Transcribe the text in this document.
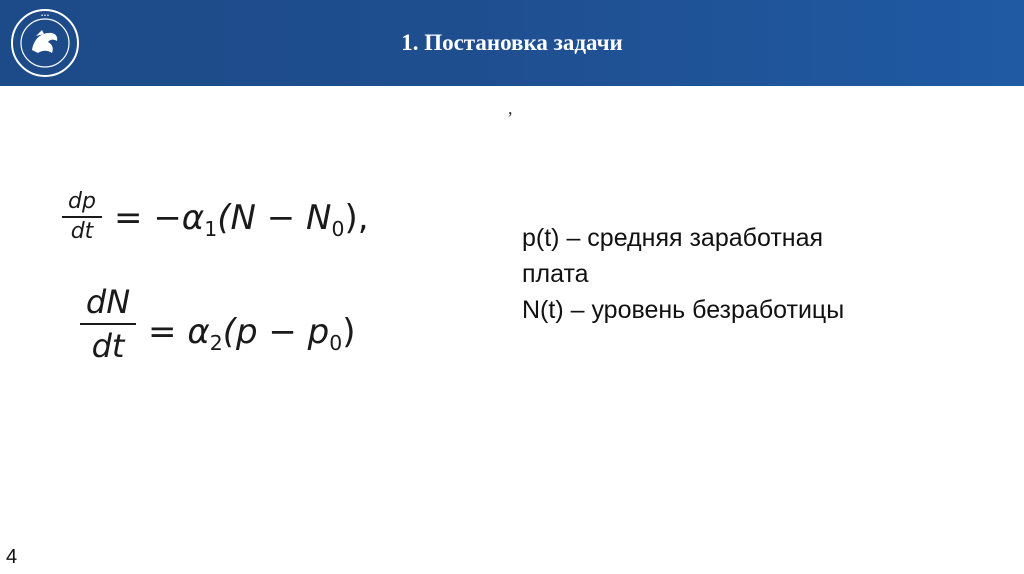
•••
1. Постановка задачи
,
dp
dt = $-\alpha_1(N - N_0)$,
dN
dt = $\alpha_2(p - p_0)$
p(t) – средняя заработная
плата
N(t) – уровень безработицы
4
